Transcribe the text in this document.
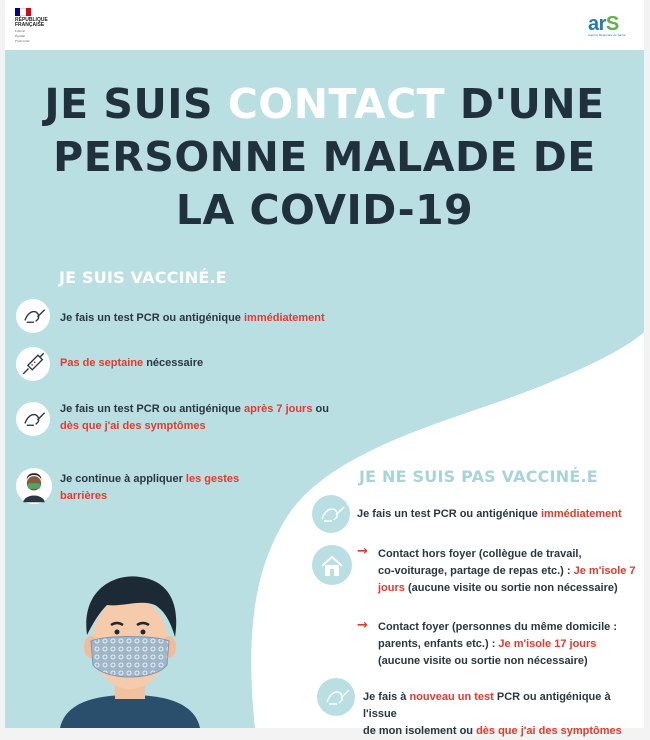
RÉPUBLIQUE
FRANÇAISE
Liberté
Égalité
Fraternité
arS
Agence Régionale de Santé
JE SUIS CONTACT D'UNE
PERSONNE MALADE DE
LA COVID-19
JE SUIS VACCINÉ.E
Je fais un test PCR ou antigénique immédiatement
Pas de septaine nécessaire
Je fais un test PCR ou antigénique après 7 jours ou
dès que j'ai des symptômes
Je continue à appliquer les gestes
barrières
JE NE SUIS PAS VACCINÉ.E
Je fais un test PCR ou antigénique immédiatement
→ Contact hors foyer (collègue de travail,
co-voiturage, partage de repas etc.) : Je m'isole 7
jours (aucune visite ou sortie non nécessaire)
→ Contact foyer (personnes du même domicile :
parents, enfants etc.) : Je m'isole 17 jours
(aucune visite ou sortie non nécessaire)
Je fais à nouveau un test PCR ou antigénique à l'issue
de mon isolement ou dès que j'ai des symptômes
